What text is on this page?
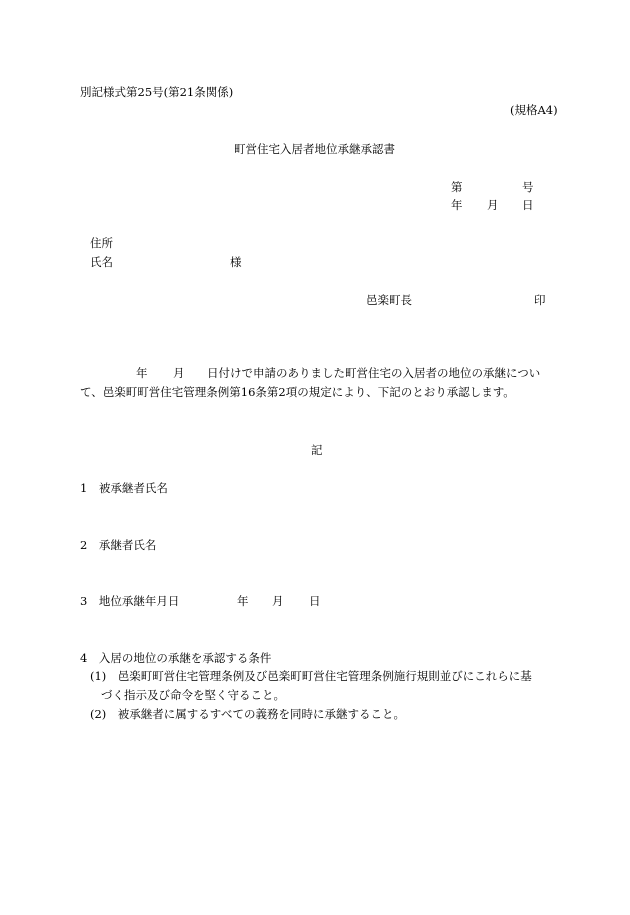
別記様式第25号(第21条関係)
(規格A4)
町営住宅入居者地位承継承認書
第	号
年 月 日
住所
氏名	様
邑楽町長	印
年 月 日付けで申請のありました町営住宅の入居者の地位の承継につい
て、邑楽町町営住宅管理条例第16条第2項の規定により、下記のとおり承認します。
記
1　被承継者氏名
2　承継者氏名
3　地位承継年月日	年 月 日
4　入居の地位の承継を承認する条件
(1)　邑楽町町営住宅管理条例及び邑楽町町営住宅管理条例施行規則並びにこれらに基
づく指示及び命令を堅く守ること。
(2)　被承継者に属するすべての義務を同時に承継すること。
